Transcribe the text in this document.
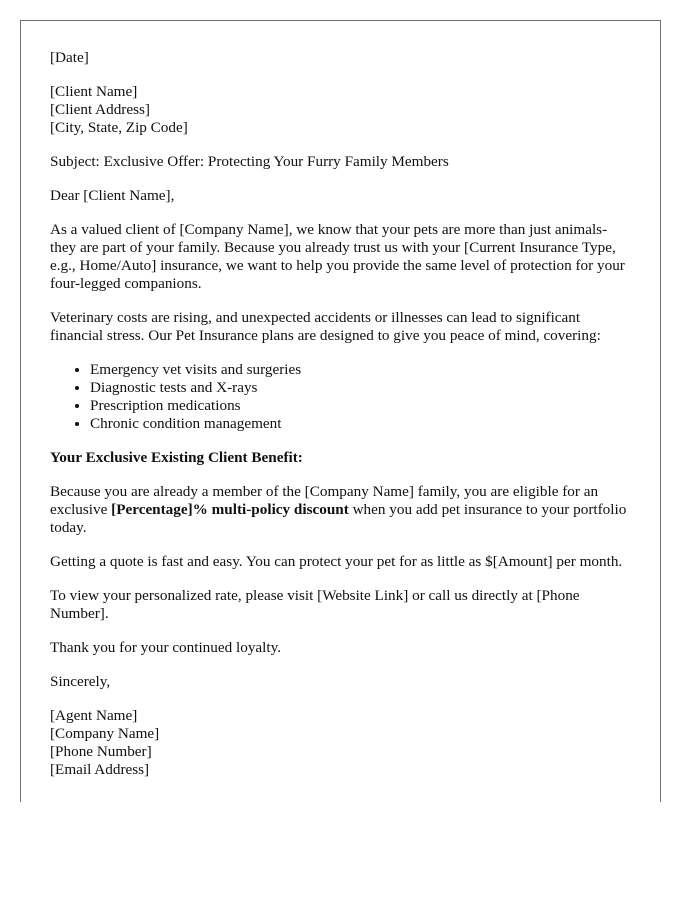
[Date]
[Client Name]
[Client Address]
[City, State, Zip Code]
Subject: Exclusive Offer: Protecting Your Furry Family Members
Dear [Client Name],
As a valued client of [Company Name], we know that your pets are more than just animals-they are part of your family. Because you already trust us with your [Current Insurance Type, e.g., Home/Auto] insurance, we want to help you provide the same level of protection for your four-legged companions.
Veterinary costs are rising, and unexpected accidents or illnesses can lead to significant financial stress. Our Pet Insurance plans are designed to give you peace of mind, covering:
• Emergency vet visits and surgeries
• Diagnostic tests and X-rays
• Prescription medications
• Chronic condition management
Your Exclusive Existing Client Benefit:
Because you are already a member of the [Company Name] family, you are eligible for an exclusive [Percentage]% multi-policy discount when you add pet insurance to your portfolio today.
Getting a quote is fast and easy. You can protect your pet for as little as $[Amount] per month.
To view your personalized rate, please visit [Website Link] or call us directly at [Phone Number].
Thank you for your continued loyalty.
Sincerely,
[Agent Name]
[Company Name]
[Phone Number]
[Email Address]
